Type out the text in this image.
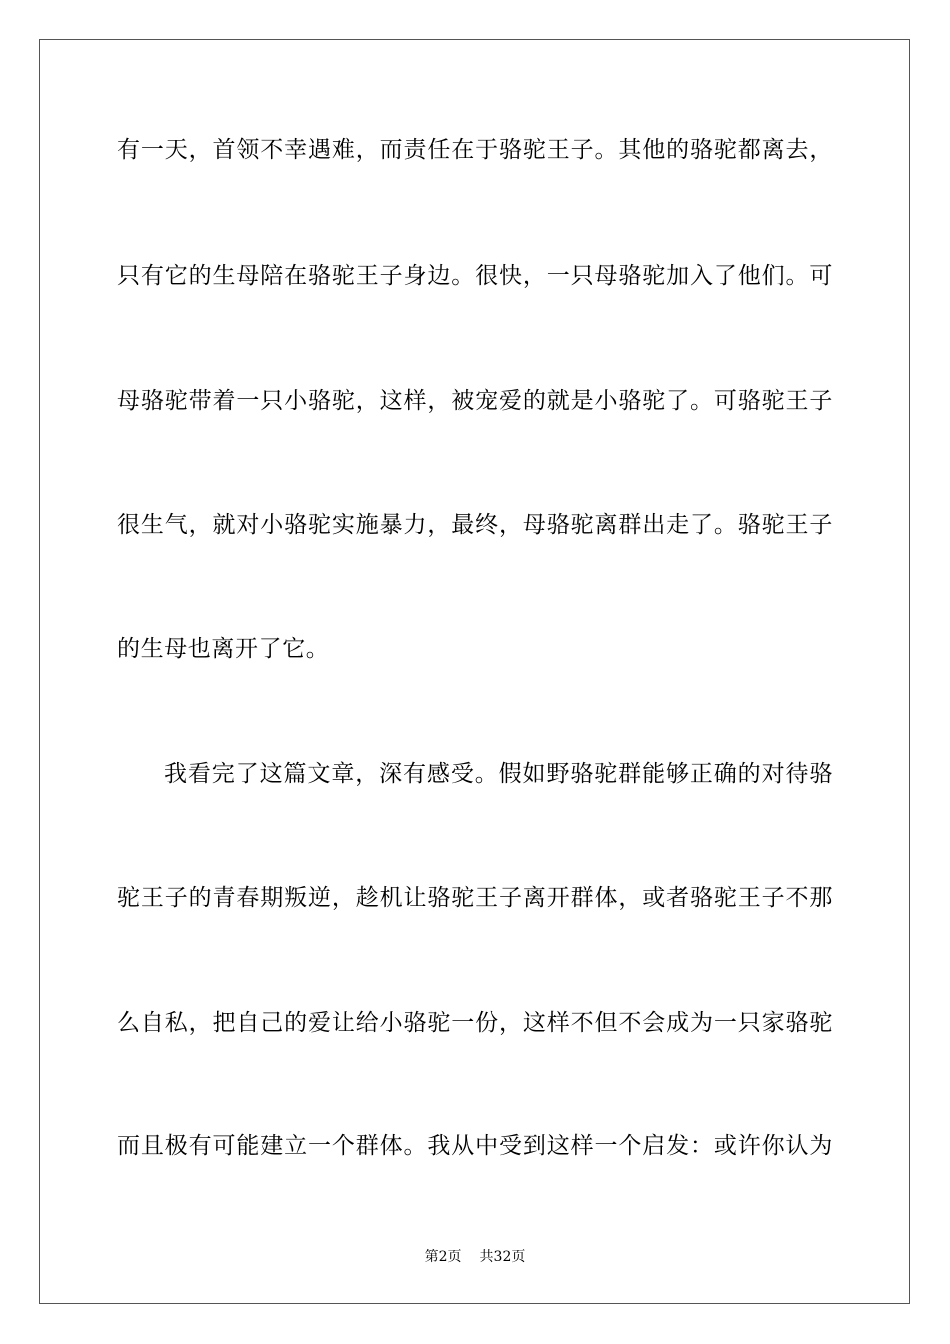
有一天，首领不幸遇难，而责任在于骆驼王子。其他的骆驼都离去，
只有它的生母陪在骆驼王子身边。很快，一只母骆驼加入了他们。可
母骆驼带着一只小骆驼，这样，被宠爱的就是小骆驼了。可骆驼王子
很生气，就对小骆驼实施暴力，最终，母骆驼离群出走了。骆驼王子
的生母也离开了它。
我看完了这篇文章，深有感受。假如野骆驼群能够正确的对待骆
驼王子的青春期叛逆，趁机让骆驼王子离开群体，或者骆驼王子不那
么自私，把自己的爱让给小骆驼一份，这样不但不会成为一只家骆驼
而且极有可能建立一个群体。我从中受到这样一个启发：或许你认为
第2页 共32页
